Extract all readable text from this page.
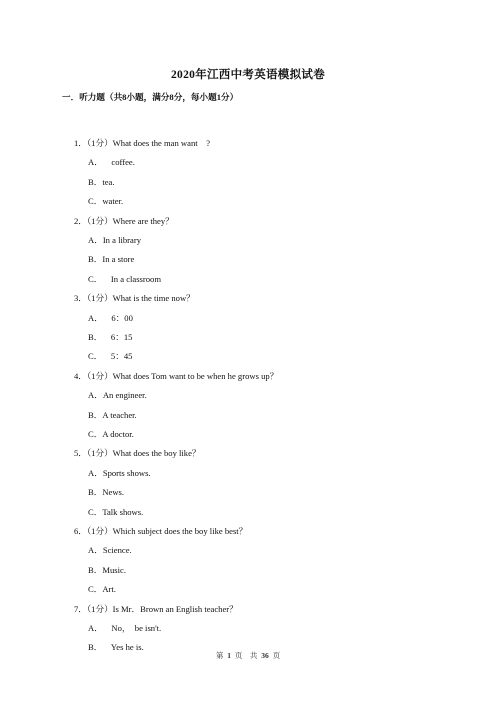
2020年江西中考英语模拟试卷
一．听力题（共8小题，满分8分，每小题1分）
1．（1分）What does the man want　?
A．　coffee.
B．tea.
C．water.
2．（1分）Where are they？
A．In a library
B．In a store
C．　In a classroom
3．（1分）What is the time now？
A．　6：00
B．　6：15
C．　5：45
4．（1分）What does Tom want to be when he grows up？
A．An engineer.
B．A teacher.
C．A doctor.
5．（1分）What does the boy like？
A．Sports shows.
B．News.
C．Talk shows.
6．（1分）Which subject does the boy like best？
A．Science.
B．Music.
C．Art.
7．（1分）Is Mr．Brown an English teacher？
A．　No，　be isn't.
B．　Yes he is.
第 1 页　共 36 页
